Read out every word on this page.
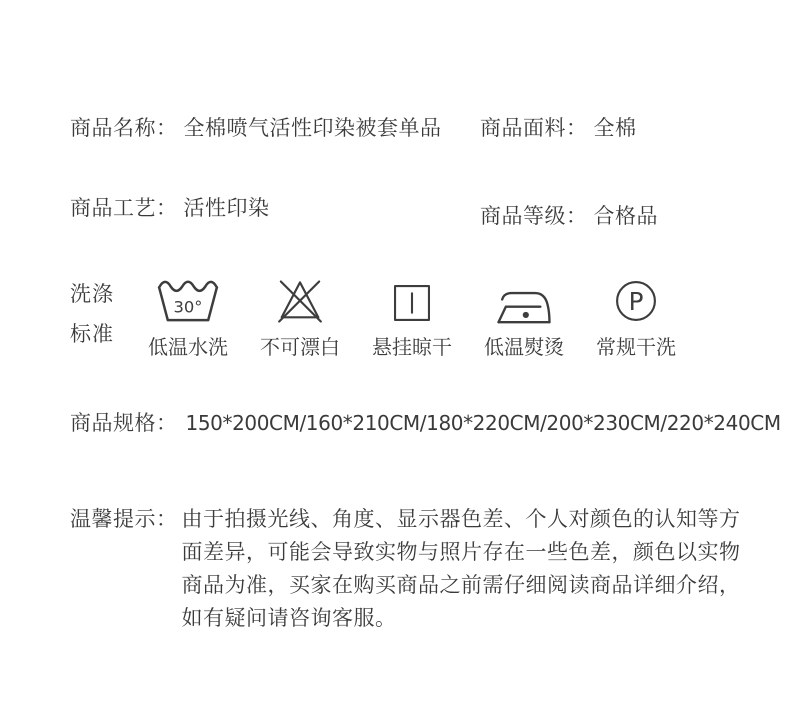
商品名称： 全棉喷气活性印染被套单品 商品面料： 全棉
商品工艺： 活性印染	商品等级： 合格品
洗涤
标准
30°
低温水洗 不可漂白 悬挂晾干 低温熨烫
P
常规干洗
商品规格： 150*200CM/160*210CM/180*220CM/200*230CM/220*240CM
温馨提示： 由于拍摄光线、角度、显示器色差、个人对颜色的认知等方面差异，可能会导致实物与照片存在一些色差，颜色以实物商品为准，买家在购买商品之前需仔细阅读商品详细介绍，如有疑问请咨询客服。
